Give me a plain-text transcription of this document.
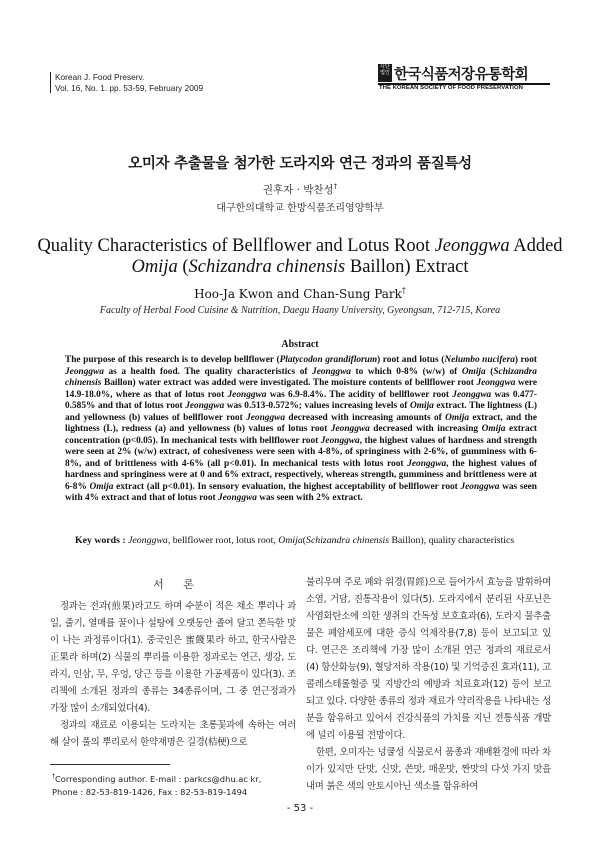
Korean J. Food Preserv.
Vol. 16, No. 1. pp. 53-59, February 2009
사단법인 한국식품저장유통학회
THE KOREAN SOCIETY OF FOOD PRESERVATION
오미자 추출물을 첨가한 도라지와 연근 정과의 품질특성
권후자 · 박찬성†
대구한의대학교 한방식품조리영양학부
Quality Characteristics of Bellflower and Lotus Root Jeonggwa Added
Omija (Schizandra chinensis Baillon) Extract
Hoo-Ja Kwon and Chan-Sung Park†
Faculty of Herbal Food Cuisine & Nutrition, Daegu Haany University, Gyeongsan, 712-715, Korea
Abstract
The purpose of this research is to develop bellflower (Platycodon grandiflorum) root and lotus (Nelumbo nucifera) root Jeonggwa as a health food. The quality characteristics of Jeonggwa to which 0-8% (w/w) of Omija (Schizandra chinensis Baillon) water extract was added were investigated. The moisture contents of bellflower root Jeonggwa were 14.9-18.0%, where as that of lotus root Jeonggwa was 6.9-8.4%. The acidity of bellflower root Jeonggwa was 0.477-0.585% and that of lotus root Jeonggwa was 0.513-0.572%; values increasing levels of Omija extract. The lightness (L) and yellowness (b) values of bellflower root Jeonggwa decreased with increasing amounts of Omija extract, and the lightness (L), redness (a) and yellowness (b) values of lotus root Jeonggwa decreased with increasing Omija extract concentration (p<0.05). In mechanical tests with bellflower root Jeonggwa, the highest values of hardness and strength were seen at 2% (w/w) extract, of cohesiveness were seen with 4-8%, of springiness with 2-6%, of gumminess with 6-8%, and of brittleness with 4-6% (all p<0.01). In mechanical tests with lotus root Jeonggwa, the highest values of hardness and springiness were at 0 and 6% extract, respectively, whereas strength, gumminess and brittleness were at 6-8% Omija extract (all p<0.01). In sensory evaluation, the highest acceptability of bellflower root Jeonggwa was seen with 4% extract and that of lotus root Jeonggwa was seen with 2% extract.
Key words : Jeonggwa, bellflower root, lotus root, Omija(Schizandra chinensis Baillon), quality characteristics
서 론

정과는 전과(煎果)라고도 하며 수분이 적은 채소 뿌리나 과일, 줄기, 열매를 꿀이나 설탕에 오랫동안 졸여 달고 쫀득한 맛이 나는 과정류이다(1). 중국인은 蜜餞果라 하고, 한국사람은 正果라 하며(2) 식물의 뿌리를 이용한 정과로는 연근, 생강, 도라지, 인삼, 무, 우엉, 당근 등을 이용한 가공제품이 있다(3). 조리책에 소개된 정과의 종류는 34종류이며, 그 중 연근정과가 가장 많이 소개되었다(4).

정과의 재료로 이용되는 도라지는 초롱꽃과에 속하는 여러 해 살이 풀의 뿌리로서 한약재명은 길경(桔梗)으로

불리우며 주로 폐와 위경(胃經)으로 들어가서 효능을 발휘하며 소염, 거담, 진통작용이 있다(5). 도라지에서 분리된 사포닌은 사염화탄소에 의한 생쥐의 간독성 보호효과(6), 도라지 물추출물은 폐암세포에 대한 증식 억제작용(7,8) 등이 보고되고 있다. 연근은 조리책에 가장 많이 소개된 연근 정과의 재료로서(4) 항산화능(9), 혈당저하 작용(10) 및 기억증진 효과(11), 고콜레스테롤혈증 및 지방간의 예방과 치료효과(12) 등이 보고되고 있다. 다양한 종류의 정과 재료가 약리작용을 나타내는 성분을 함유하고 있어서 건강식품의 가치를 지닌 전통식품 개발에 널리 이용될 전망이다.

한편, 오미자는 넝쿨성 식물로서 품종과 재배환경에 따라 차이가 있지만 단맛, 신맛, 쓴맛, 매운맛, 짠맛의 다섯 가지 맛을 내며 붉은 색의 안토시아닌 색소를 함유하여

†Corresponding author. E-mail : parkcs@dhu.ac kr,
Phone : 82-53-819-1426, Fax : 82-53-819-1494
- 53 -
